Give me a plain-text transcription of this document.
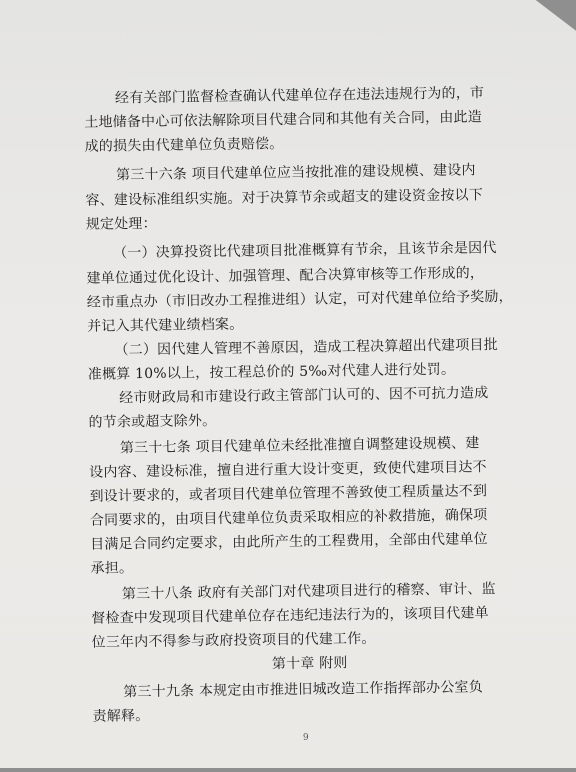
经有关部门监督检查确认代建单位存在违法违规行为的，市
土地储备中心可依法解除项目代建合同和其他有关合同，由此造
成的损失由代建单位负责赔偿。
第三十六条 项目代建单位应当按批准的建设规模、建设内
容、建设标准组织实施。对于决算节余或超支的建设资金按以下
规定处理：
（一）决算投资比代建项目批准概算有节余，且该节余是因代
建单位通过优化设计、加强管理、配合决算审核等工作形成的，
经市重点办（市旧改办工程推进组）认定，可对代建单位给予奖励，
并记入其代建业绩档案。
（二）因代建人管理不善原因，造成工程决算超出代建项目批
准概算 10%以上，按工程总价的 5‰对代建人进行处罚。
经市财政局和市建设行政主管部门认可的、因不可抗力造成
的节余或超支除外。
第三十七条 项目代建单位未经批准擅自调整建设规模、建
设内容、建设标准，擅自进行重大设计变更，致使代建项目达不
到设计要求的，或者项目代建单位管理不善致使工程质量达不到
合同要求的，由项目代建单位负责采取相应的补救措施，确保项
目满足合同约定要求，由此所产生的工程费用，全部由代建单位
承担。
第三十八条 政府有关部门对代建项目进行的稽察、审计、监
督检查中发现项目代建单位存在违纪违法行为的，该项目代建单
位三年内不得参与政府投资项目的代建工作。
第十章 附则
第三十九条 本规定由市推进旧城改造工作指挥部办公室负
责解释。
9
